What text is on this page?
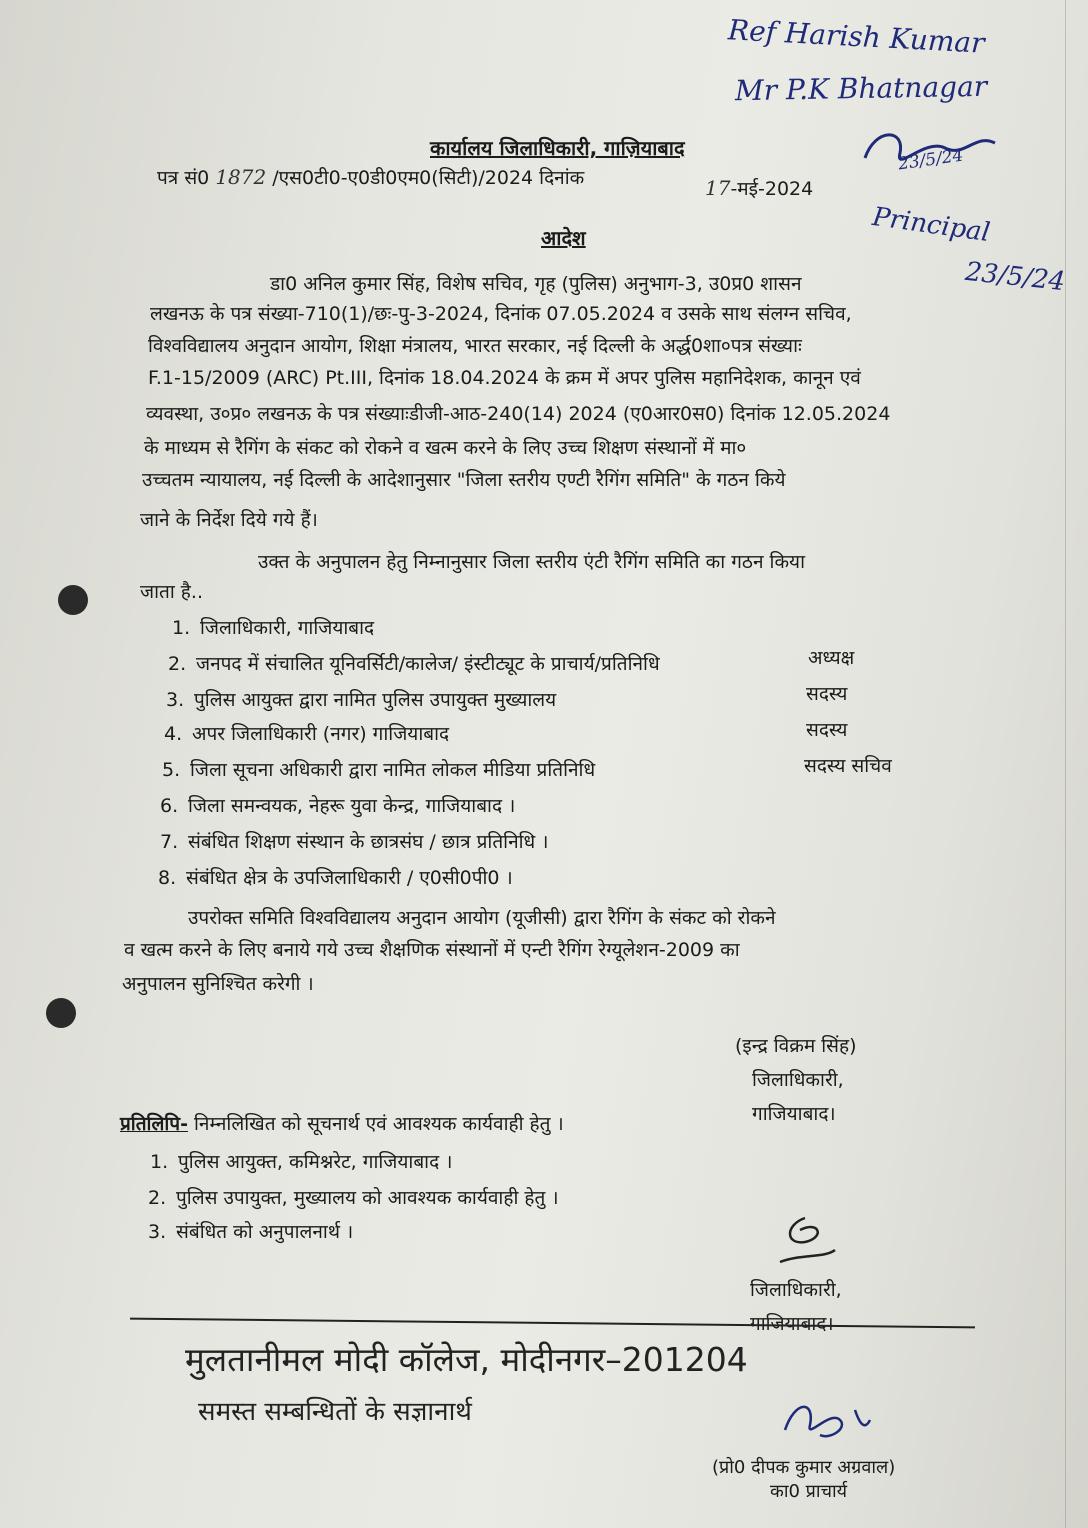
Ref Harish Kumar
Mr P.K Bhatnagar
23/5/24
Principal
23/5/24
कार्यालय जिलाधिकारी, गाज़ियाबाद
पत्र सं0 1872 /एस0टी0-ए0डी0एम0(सिटी)/2024 दिनांक	17-मई-2024
आदेश
डा0 अनिल कुमार सिंह, विशेष सचिव, गृह (पुलिस) अनुभाग-3, उ0प्र0 शासन
लखनऊ के पत्र संख्या-710(1)/छः-पु-3-2024, दिनांक 07.05.2024 व उसके साथ संलग्न सचिव,
विश्वविद्यालय अनुदान आयोग, शिक्षा मंत्रालय, भारत सरकार, नई दिल्ली के अर्द्ध0शा०पत्र संख्याः
F.1-15/2009 (ARC) Pt.III, दिनांक 18.04.2024 के क्रम में अपर पुलिस महानिदेशक, कानून एवं
व्यवस्था, उ०प्र० लखनऊ के पत्र संख्याःडीजी-आठ-240(14) 2024 (ए0आर0स0) दिनांक 12.05.2024
के माध्यम से रैगिंग के संकट को रोकने व खत्म करने के लिए उच्च शिक्षण संस्थानों में मा०
उच्चतम न्यायालय, नई दिल्ली के आदेशानुसार "जिला स्तरीय एण्टी रैगिंग समिति" के गठन किये
जाने के निर्देश दिये गये हैं।
उक्त के अनुपालन हेतु निम्नानुसार जिला स्तरीय एंटी रैगिंग समिति का गठन किया
जाता है..
1. जिलाधिकारी, गाजियाबाद
2. जनपद में संचालित यूनिवर्सिटी/कालेज/ इंस्टीट्यूट के प्राचार्य/प्रतिनिधि
3. पुलिस आयुक्त द्वारा नामित पुलिस उपायुक्त मुख्यालय
4. अपर जिलाधिकारी (नगर) गाजियाबाद
5. जिला सूचना अधिकारी द्वारा नामित लोकल मीडिया प्रतिनिधि
6. जिला समन्वयक, नेहरू युवा केन्द्र, गाजियाबाद ।
7. संबंधित शिक्षण संस्थान के छात्रसंघ / छात्र प्रतिनिधि ।
8. संबंधित क्षेत्र के उपजिलाधिकारी / ए0सी0पी0 ।
अध्यक्ष
सदस्य
सदस्य
सदस्य सचिव
उपरोक्त समिति विश्वविद्यालय अनुदान आयोग (यूजीसी) द्वारा रैगिंग के संकट को रोकने
व खत्म करने के लिए बनाये गये उच्च शैक्षणिक संस्थानों में एन्टी रैगिंग रेग्यूलेशन-2009 का
अनुपालन सुनिश्चित करेगी ।
(इन्द्र विक्रम सिंह)
जिलाधिकारी,
गाजियाबाद।
प्रतिलिपि- निम्नलिखित को सूचनार्थ एवं आवश्यक कार्यवाही हेतु ।
1. पुलिस आयुक्त, कमिश्नरेट, गाजियाबाद ।
2. पुलिस उपायुक्त, मुख्यालय को आवश्यक कार्यवाही हेतु ।
3. संबंधित को अनुपालनार्थ ।
जिलाधिकारी,
मुलतानीमल मोदी कॉलेज, मोदीनगर–201204
समस्त सम्बन्धितों के सज्ञानार्थ
(प्रो0 दीपक कुमार अग्रवाल)
का0 प्राचार्य
